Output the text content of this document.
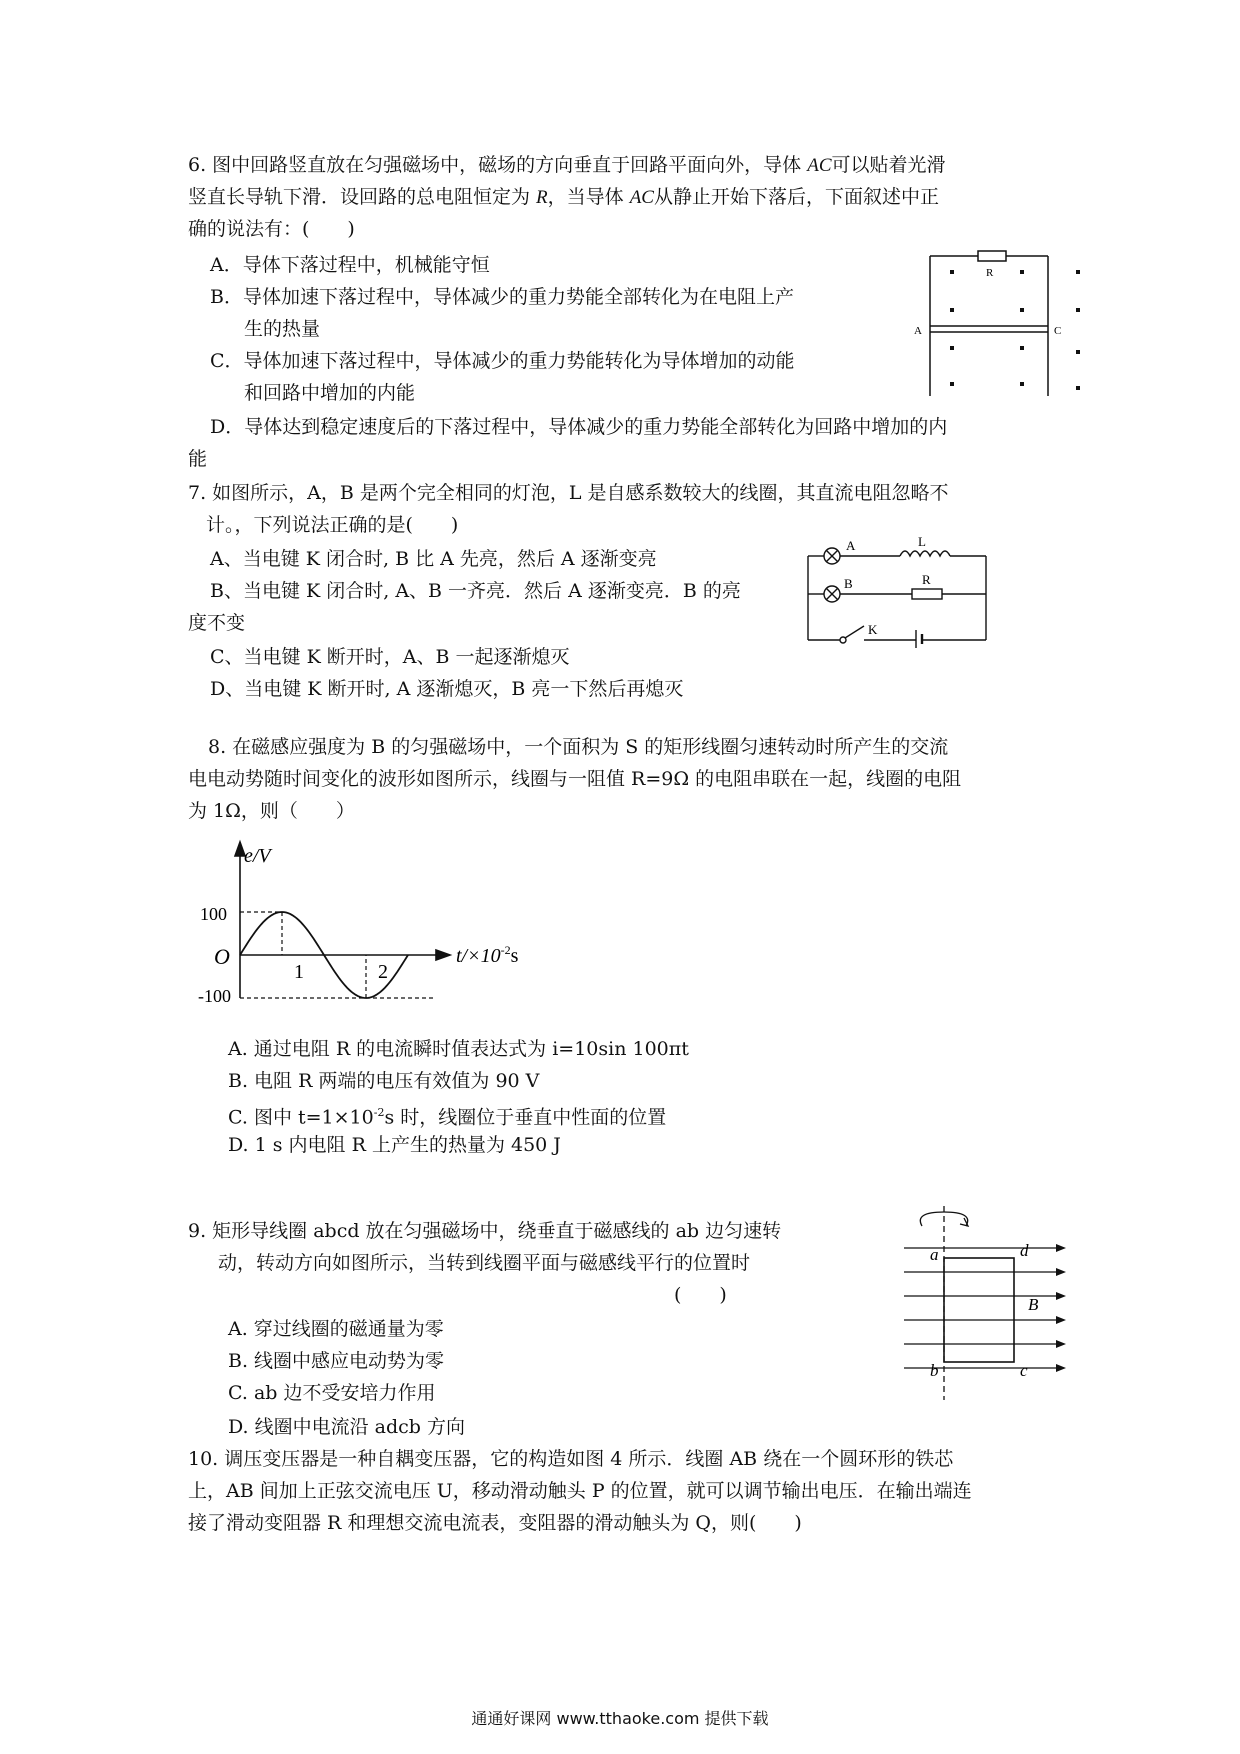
6. 图中回路竖直放在匀强磁场中，磁场的方向垂直于回路平面向外，导体 AC可以贴着光滑
竖直长导轨下滑．设回路的总电阻恒定为 R，当导体 AC从静止开始下落后，下面叙述中正
确的说法有：(　　)
A．导体下落过程中，机械能守恒
B．导体加速下落过程中，导体减少的重力势能全部转化为在电阻上产
生的热量
C．导体加速下落过程中，导体减少的重力势能转化为导体增加的动能
和回路中增加的内能
D．导体达到稳定速度后的下落过程中，导体减少的重力势能全部转化为回路中增加的内
能
R
A	C
7. 如图所示，A，B 是两个完全相同的灯泡，L 是自感系数较大的线圈，其直流电阻忽略不
计。，下列说法正确的是(　　)
A、当电键 K 闭合时, B 比 A 先亮，然后 A 逐渐变亮
B、当电键 K 闭合时, A、B 一齐亮．然后 A 逐渐变亮．B 的亮
度不变
C、当电键 K 断开时，A、B 一起逐渐熄灭
D、当电键 K 断开时, A 逐渐熄灭，B 亮一下然后再熄灭
A
B
L
R
K
8. 在磁感应强度为 B 的匀强磁场中，一个面积为 S 的矩形线圈匀速转动时所产生的交流
电电动势随时间变化的波形如图所示，线圈与一阻值 R=9Ω 的电阻串联在一起，线圈的电阻
为 1Ω，则（　　）
e/V
100
-100
O
1	2
$t/\times 10^{-2}s$
A. 通过电阻 R 的电流瞬时值表达式为 i=10sin 100πt
B. 电阻 R 两端的电压有效值为 90 V
C. 图中 $t=1\times 10^{-2}s$ 时，线圈位于垂直中性面的位置
D. 1 s 内电阻 R 上产生的热量为 450 J
9. 矩形导线圈 abcd 放在匀强磁场中，绕垂直于磁感线的 ab 边匀速转
动，转动方向如图所示，当转到线圈平面与磁感线平行的位置时
(　　)
A. 穿过线圈的磁通量为零
B. 线圈中感应电动势为零
C. ab 边不受安培力作用
D. 线圈中电流沿 adcb 方向
a	d
B
b	c
10. 调压变压器是一种自耦变压器，它的构造如图 4 所示．线圈 AB 绕在一个圆环形的铁芯
上，AB 间加上正弦交流电压 U，移动滑动触头 P 的位置，就可以调节输出电压．在输出端连
接了滑动变阻器 R 和理想交流电流表，变阻器的滑动触头为 Q，则(　　)
通通好课网 www.tthaoke.com 提供下载
